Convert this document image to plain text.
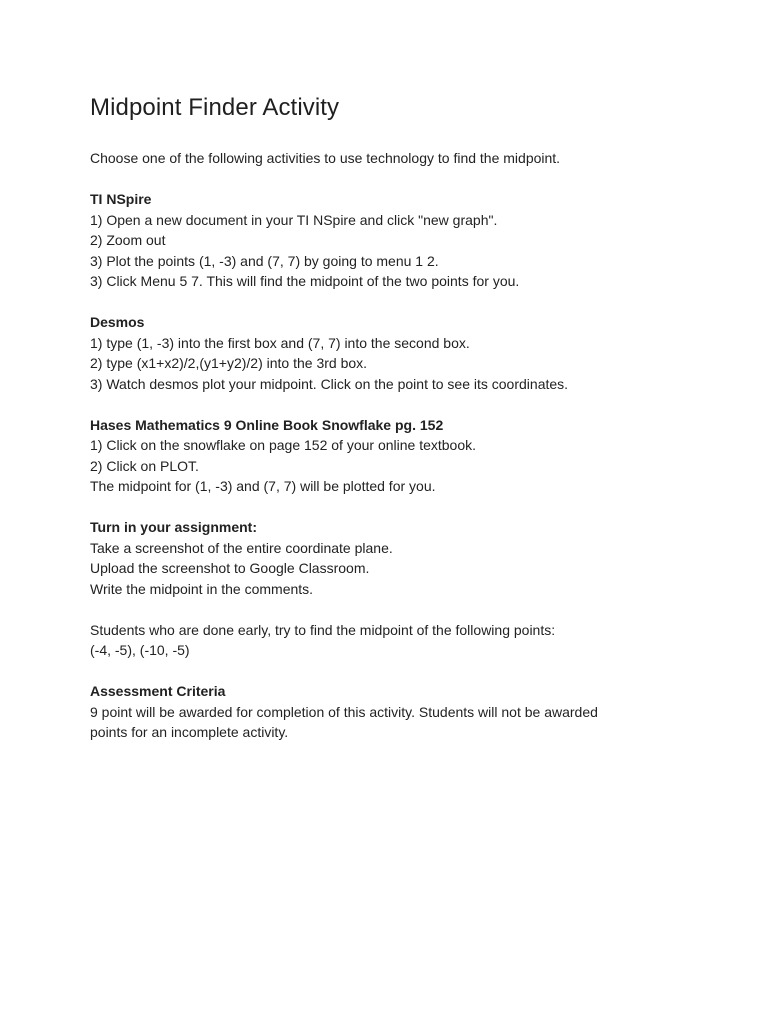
Midpoint Finder Activity

Choose one of the following activities to use technology to find the midpoint.

TI NSpire

1) Open a new document in your TI NSpire and click "new graph".

2) Zoom out

3) Plot the points (1, -3) and (7, 7) by going to menu 1 2.

3) Click Menu 5 7. This will find the midpoint of the two points for you.

Desmos

1) type (1, -3) into the first box and (7, 7) into the second box.

2) type (x1+x2)/2,(y1+y2)/2) into the 3rd box.

3) Watch desmos plot your midpoint. Click on the point to see its coordinates.

Hases Mathematics 9 Online Book Snowflake pg. 152

1) Click on the snowflake on page 152 of your online textbook.

2) Click on PLOT.

The midpoint for (1, -3) and (7, 7) will be plotted for you.

Turn in your assignment:

Take a screenshot of the entire coordinate plane.

Upload the screenshot to Google Classroom.

Write the midpoint in the comments.

Students who are done early, try to find the midpoint of the following points:

(-4, -5), (-10, -5)

Assessment Criteria

9 point will be awarded for completion of this activity. Students will not be awarded

points for an incomplete activity.
